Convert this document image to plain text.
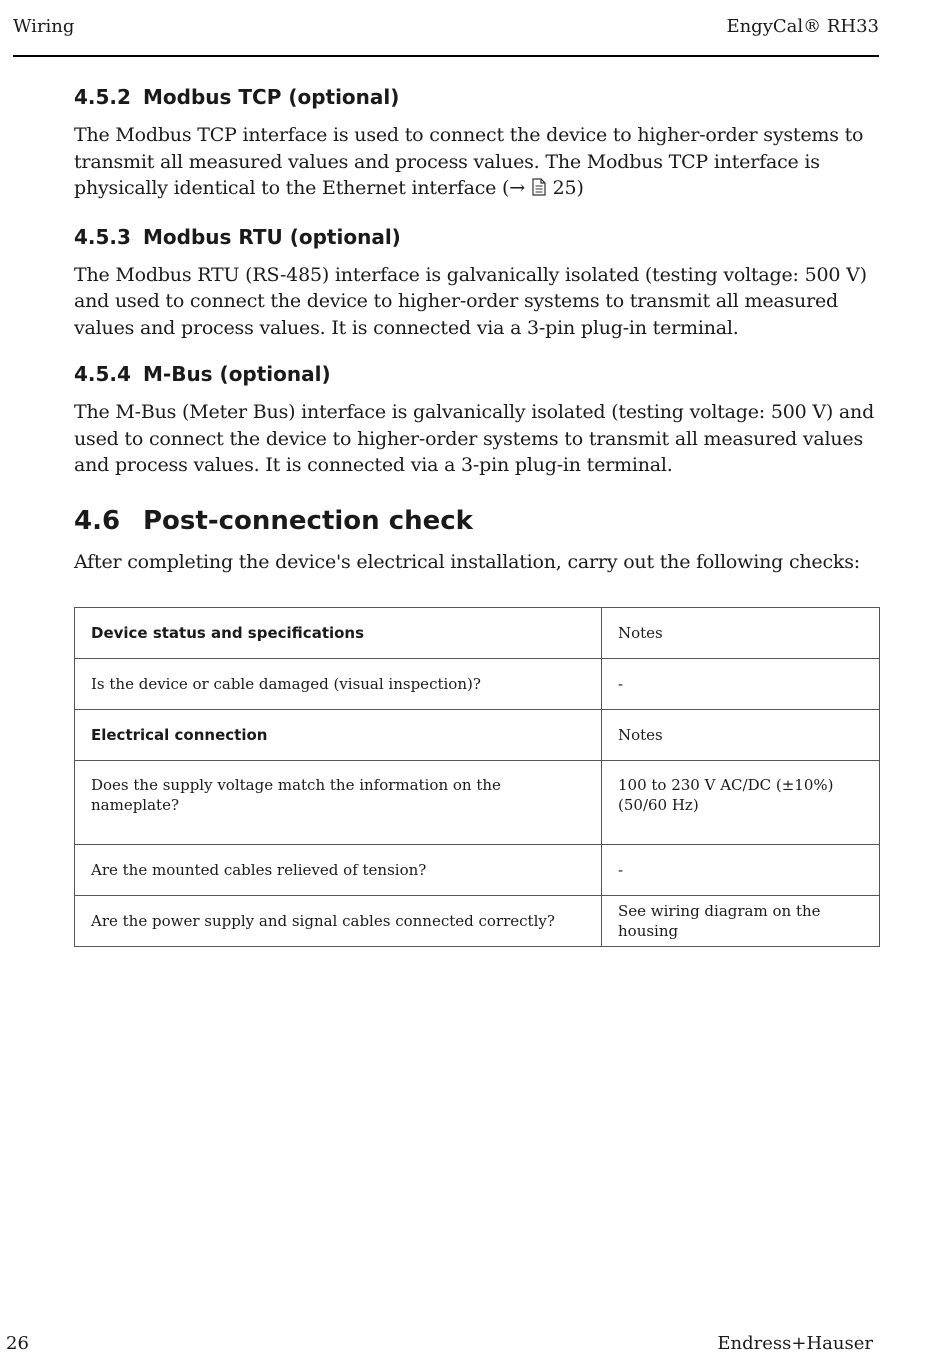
Wiring	EngyCal® RH33
4.5.2 Modbus TCP (optional)

The Modbus TCP interface is used to connect the device to higher-order systems to transmit all measured values and process values. The Modbus TCP interface is physically identical to the Ethernet interface (→  25)

4.5.3 Modbus RTU (optional)

The Modbus RTU (RS-485) interface is galvanically isolated (testing voltage: 500 V) and used to connect the device to higher-order systems to transmit all measured values and process values. It is connected via a 3-pin plug-in terminal.

4.5.4 M-Bus (optional)

The M-Bus (Meter Bus) interface is galvanically isolated (testing voltage: 500 V) and used to connect the device to higher-order systems to transmit all measured values and process values. It is connected via a 3-pin plug-in terminal.

4.6 Post-connection check

After completing the device's electrical installation, carry out the following checks:

Device status and specifications	Notes
Is the device or cable damaged (visual inspection)?	-
Electrical connection	Notes
Does the supply voltage match the information on the nameplate?	100 to 230 V AC/DC (±10%)
(50/60 Hz)

Are the mounted cables relieved of tension?	-
Are the power supply and signal cables connected correctly?	See wiring diagram on the housing
26	Endress+Hauser
